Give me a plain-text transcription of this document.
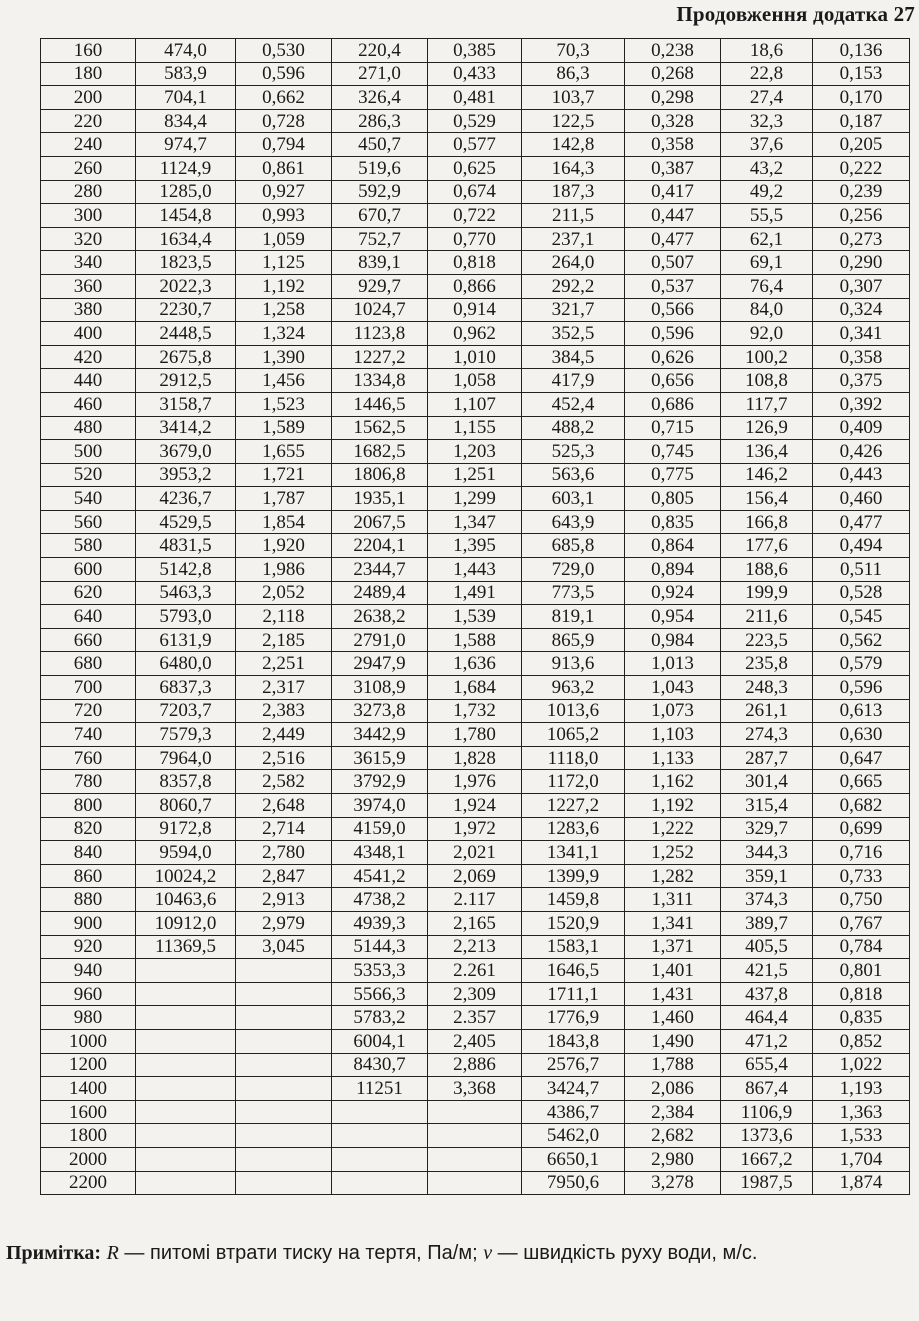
Продовження додатка 27
160	474,0	0,530	220,4	0,385	70,3	0,238	18,6	0,136
180	583,9	0,596	271,0	0,433	86,3	0,268	22,8	0,153
200	704,1	0,662	326,4	0,481	103,7	0,298	27,4	0,170
220	834,4	0,728	286,3	0,529	122,5	0,328	32,3	0,187
240	974,7	0,794	450,7	0,577	142,8	0,358	37,6	0,205
260	1124,9	0,861	519,6	0,625	164,3	0,387	43,2	0,222
280	1285,0	0,927	592,9	0,674	187,3	0,417	49,2	0,239
300	1454,8	0,993	670,7	0,722	211,5	0,447	55,5	0,256
320	1634,4	1,059	752,7	0,770	237,1	0,477	62,1	0,273
340	1823,5	1,125	839,1	0,818	264,0	0,507	69,1	0,290
360	2022,3	1,192	929,7	0,866	292,2	0,537	76,4	0,307
380	2230,7	1,258	1024,7	0,914	321,7	0,566	84,0	0,324
400	2448,5	1,324	1123,8	0,962	352,5	0,596	92,0	0,341
420	2675,8	1,390	1227,2	1,010	384,5	0,626	100,2	0,358
440	2912,5	1,456	1334,8	1,058	417,9	0,656	108,8	0,375
460	3158,7	1,523	1446,5	1,107	452,4	0,686	117,7	0,392
480	3414,2	1,589	1562,5	1,155	488,2	0,715	126,9	0,409
500	3679,0	1,655	1682,5	1,203	525,3	0,745	136,4	0,426
520	3953,2	1,721	1806,8	1,251	563,6	0,775	146,2	0,443
540	4236,7	1,787	1935,1	1,299	603,1	0,805	156,4	0,460
560	4529,5	1,854	2067,5	1,347	643,9	0,835	166,8	0,477
580	4831,5	1,920	2204,1	1,395	685,8	0,864	177,6	0,494
600	5142,8	1,986	2344,7	1,443	729,0	0,894	188,6	0,511
620	5463,3	2,052	2489,4	1,491	773,5	0,924	199,9	0,528
640	5793,0	2,118	2638,2	1,539	819,1	0,954	211,6	0,545
660	6131,9	2,185	2791,0	1,588	865,9	0,984	223,5	0,562
680	6480,0	2,251	2947,9	1,636	913,6	1,013	235,8	0,579
700	6837,3	2,317	3108,9	1,684	963,2	1,043	248,3	0,596
720	7203,7	2,383	3273,8	1,732	1013,6	1,073	261,1	0,613
740	7579,3	2,449	3442,9	1,780	1065,2	1,103	274,3	0,630
760	7964,0	2,516	3615,9	1,828	1118,0	1,133	287,7	0,647
780	8357,8	2,582	3792,9	1,976	1172,0	1,162	301,4	0,665
800	8060,7	2,648	3974,0	1,924	1227,2	1,192	315,4	0,682
820	9172,8	2,714	4159,0	1,972	1283,6	1,222	329,7	0,699
840	9594,0	2,780	4348,1	2,021	1341,1	1,252	344,3	0,716
860	10024,2	2,847	4541,2	2,069	1399,9	1,282	359,1	0,733
880	10463,6	2,913	4738,2	2.117	1459,8	1,311	374,3	0,750
900	10912,0	2,979	4939,3	2,165	1520,9	1,341	389,7	0,767
920	11369,5	3,045	5144,3	2,213	1583,1	1,371	405,5	0,784
940			5353,3	2.261	1646,5	1,401	421,5	0,801
960			5566,3	2,309	1711,1	1,431	437,8	0,818
980			5783,2	2.357	1776,9	1,460	464,4	0,835
1000			6004,1	2,405	1843,8	1,490	471,2	0,852
1200			8430,7	2,886	2576,7	1,788	655,4	1,022
1400			11251	3,368	3424,7	2,086	867,4	1,193
1600					4386,7	2,384	1106,9	1,363
1800					5462,0	2,682	1373,6	1,533
2000					6650,1	2,980	1667,2	1,704
2200					7950,6	3,278	1987,5	1,874
Примітка: R — питомі втрати тиску на тертя, Па/м; v — швидкість руху води, м/с.
